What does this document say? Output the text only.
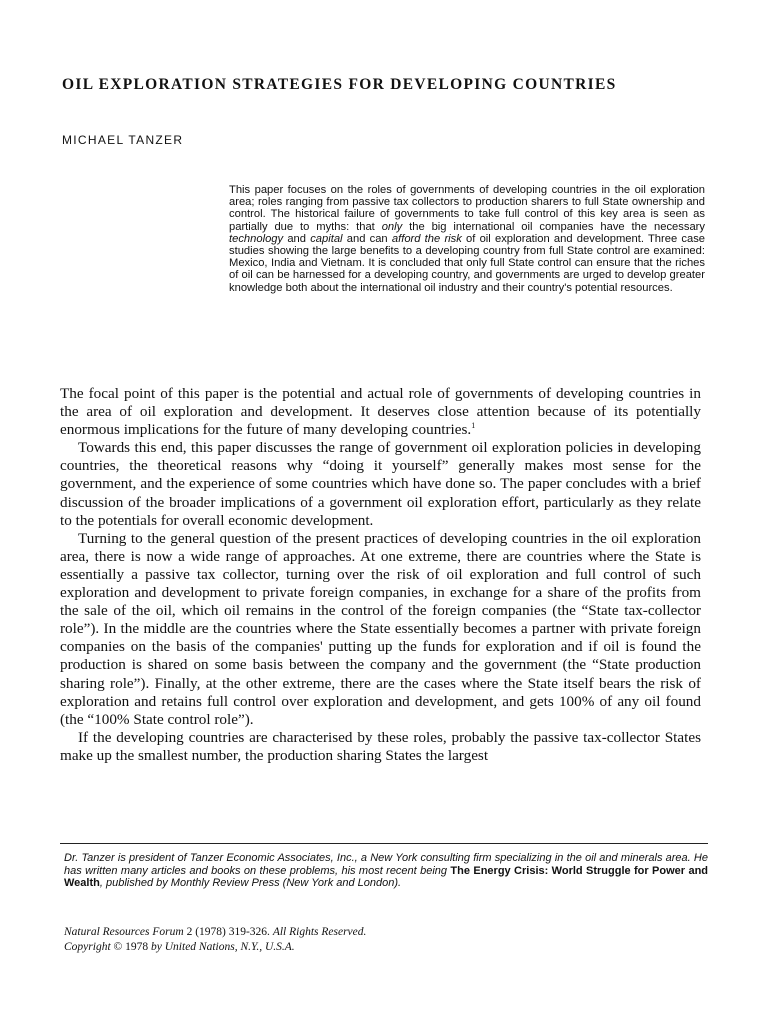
OIL EXPLORATION STRATEGIES FOR DEVELOPING COUNTRIES
MICHAEL TANZER
This paper focuses on the roles of governments of developing countries in the oil exploration area; roles ranging from passive tax collectors to production sharers to full State ownership and control. The historical failure of governments to take full control of this key area is seen as partially due to myths: that only the big international oil companies have the necessary technology and capital and can afford the risk of oil exploration and development. Three case studies showing the large benefits to a developing country from full State control are examined: Mexico, India and Vietnam. It is concluded that only full State control can ensure that the riches of oil can be harnessed for a developing country, and governments are urged to develop greater knowledge both about the international oil industry and their country's potential resources.

The focal point of this paper is the potential and actual role of governments of developing countries in the area of oil exploration and development. It deserves close attention because of its potentially enormous implications for the future of many developing countries.$^1$

Towards this end, this paper discusses the range of government oil exploration policies in developing countries, the theoretical reasons why “doing it yourself” generally makes most sense for the government, and the experience of some countries which have done so. The paper concludes with a brief discussion of the broader implications of a government oil exploration effort, particularly as they relate to the potentials for overall economic development.

Turning to the general question of the present practices of developing countries in the oil exploration area, there is now a wide range of approaches. At one extreme, there are countries where the State is essentially a passive tax collector, turning over the risk of oil exploration and full control of such exploration and development to private foreign companies, in exchange for a share of the profits from the sale of the oil, which oil remains in the control of the foreign companies (the “State tax-collector role”). In the middle are the countries where the State essentially becomes a partner with private foreign companies on the basis of the companies' putting up the funds for exploration and if oil is found the production is shared on some basis between the company and the government (the “State production sharing role”). Finally, at the other extreme, there are the cases where the State itself bears the risk of exploration and retains full control over exploration and development, and gets 100% of any oil found (the “100% State control role”).

If the developing countries are characterised by these roles, probably the passive tax-collector States make up the smallest number, the production sharing States the largest

Dr. Tanzer is president of Tanzer Economic Associates, Inc., a New York consulting firm specializing in the oil and minerals area. He has written many articles and books on these problems, his most recent being The Energy Crisis: World Struggle for Power and Wealth, published by Monthly Review Press (New York and London).
Natural Resources Forum 2 (1978) 319-326. All Rights Reserved.
Copyright © 1978 by United Nations, N.Y., U.S.A.
